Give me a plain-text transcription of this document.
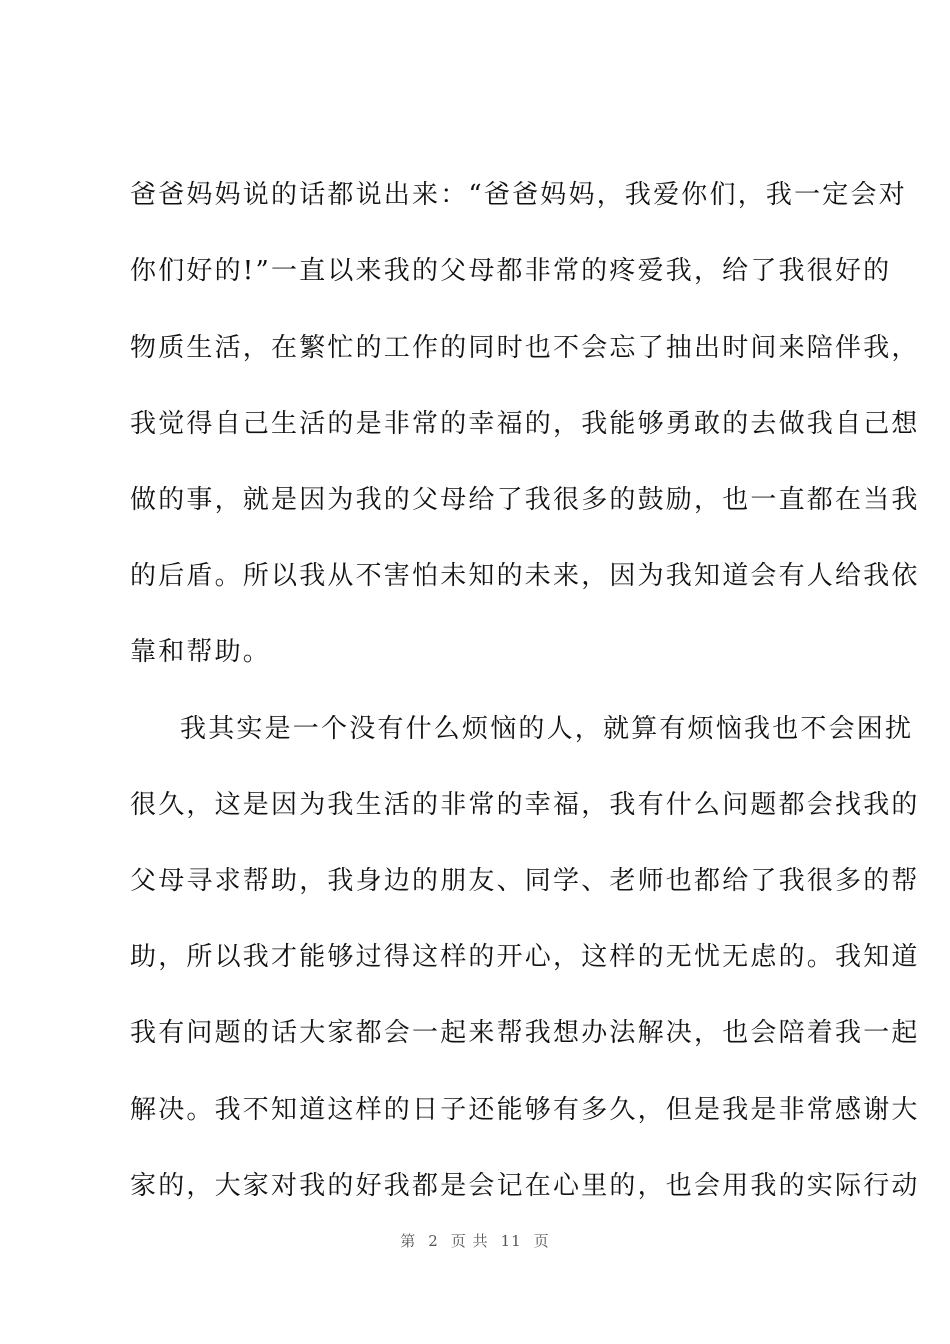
爸爸妈妈说的话都说出来：“爸爸妈妈，我爱你们，我一定会对
你们好的!”一直以来我的父母都非常的疼爱我，给了我很好的
物质生活，在繁忙的工作的同时也不会忘了抽出时间来陪伴我，
我觉得自己生活的是非常的幸福的，我能够勇敢的去做我自己想
做的事，就是因为我的父母给了我很多的鼓励，也一直都在当我
的后盾。所以我从不害怕未知的未来，因为我知道会有人给我依
靠和帮助。
我其实是一个没有什么烦恼的人，就算有烦恼我也不会困扰
很久，这是因为我生活的非常的幸福，我有什么问题都会找我的
父母寻求帮助，我身边的朋友、同学、老师也都给了我很多的帮
助，所以我才能够过得这样的开心，这样的无忧无虑的。我知道
我有问题的话大家都会一起来帮我想办法解决，也会陪着我一起
解决。我不知道这样的日子还能够有多久，但是我是非常感谢大
家的，大家对我的好我都是会记在心里的，也会用我的实际行动
第 2 页 共 11 页
